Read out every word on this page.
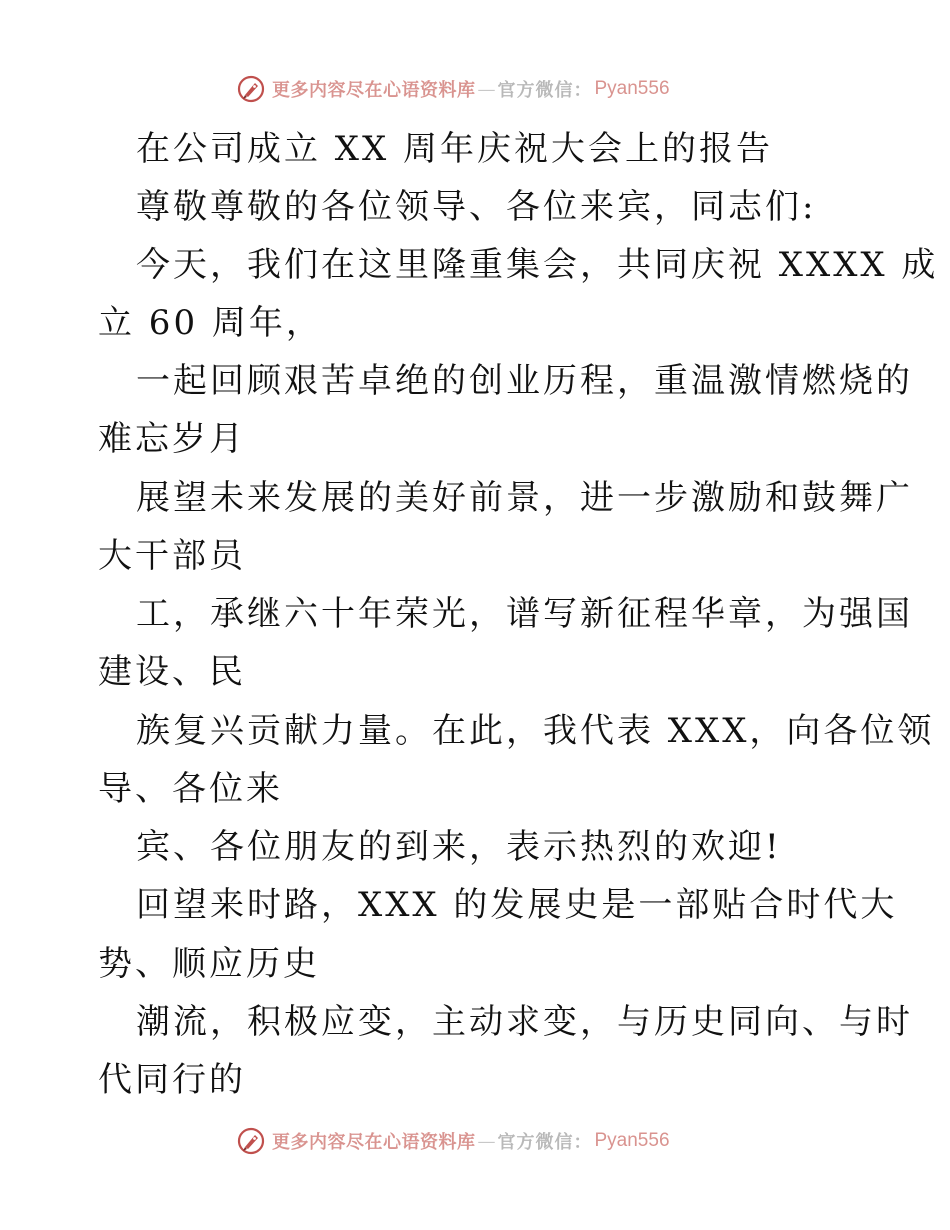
更多内容尽在心语资料库 — 官方微信： Pyan556
在公司成立 XX 周年庆祝大会上的报告
尊敬尊敬的各位领导、各位来宾，同志们:
今天，我们在这里隆重集会，共同庆祝 XXXX 成
立 60 周年，
一起回顾艰苦卓绝的创业历程，重温激情燃烧的
难忘岁月
展望未来发展的美好前景，进一步激励和鼓舞广
大干部员
工，承继六十年荣光，谱写新征程华章，为强国
建设、民
族复兴贡献力量。在此，我代表 XXX，向各位领
导、各位来
宾、各位朋友的到来，表示热烈的欢迎!
回望来时路，XXX 的发展史是一部贴合时代大
势、顺应历史
潮流，积极应变，主动求变，与历史同向、与时
代同行的
更多内容尽在心语资料库 — 官方微信： Pyan556
